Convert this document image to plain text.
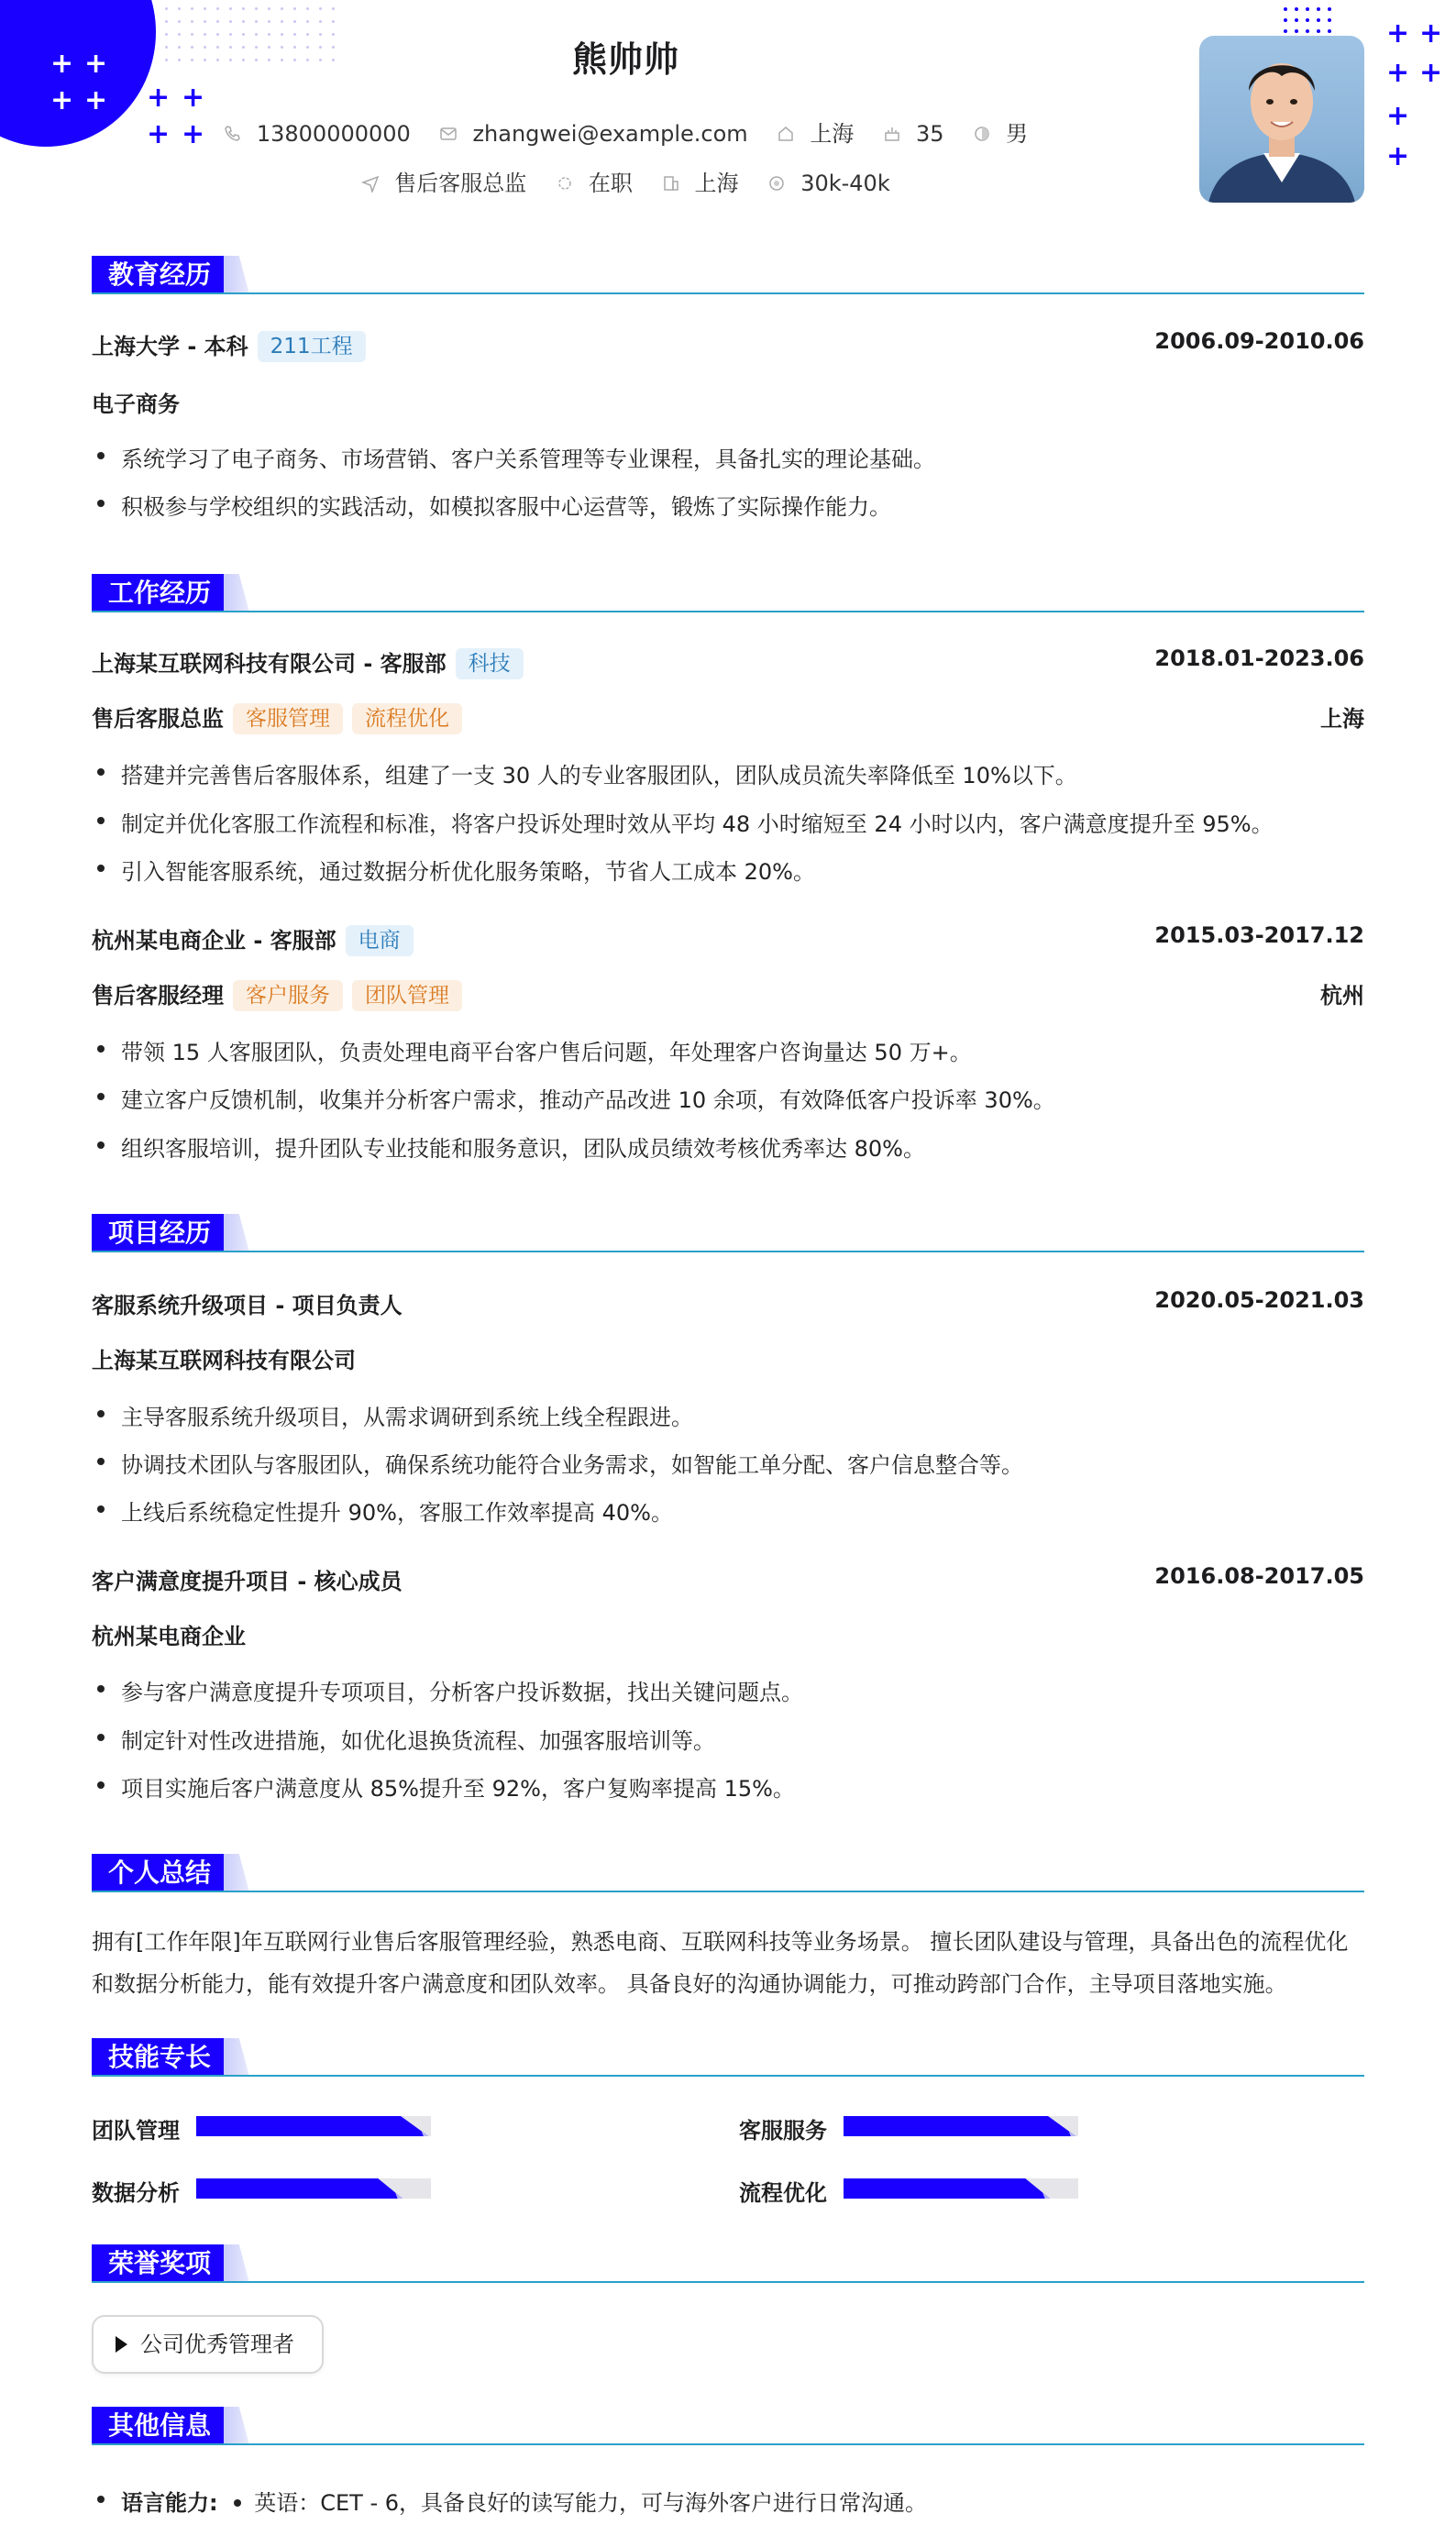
+ +
+ + + +
+ +
+ +
+ +
+
+
熊帅帅
13800000000	zhangwei@example.com	上海	35	男
售后客服总监	在职	上海	30k-40k
教育经历
上海大学 - 本科 211工程	2006.09-2010.06
电子商务
系统学习了电子商务、市场营销、客户关系管理等专业课程，具备扎实的理论基础。
积极参与学校组织的实践活动，如模拟客服中心运营等，锻炼了实际操作能力。
工作经历
上海某互联网科技有限公司 - 客服部 科技	2018.01-2023.06
售后客服总监 客服管理 流程优化	上海
搭建并完善售后客服体系，组建了一支 30 人的专业客服团队，团队成员流失率降低至 10%以下。
制定并优化客服工作流程和标准，将客户投诉处理时效从平均 48 小时缩短至 24 小时以内，客户满意度提升至 95%。
引入智能客服系统，通过数据分析优化服务策略，节省人工成本 20%。
杭州某电商企业 - 客服部 电商	2015.03-2017.12
售后客服经理 客户服务 团队管理	杭州
带领 15 人客服团队，负责处理电商平台客户售后问题，年处理客户咨询量达 50 万+。
建立客户反馈机制，收集并分析客户需求，推动产品改进 10 余项，有效降低客户投诉率 30%。
组织客服培训，提升团队专业技能和服务意识，团队成员绩效考核优秀率达 80%。
项目经历
客服系统升级项目 - 项目负责人	2020.05-2021.03
上海某互联网科技有限公司
主导客服系统升级项目，从需求调研到系统上线全程跟进。
协调技术团队与客服团队，确保系统功能符合业务需求，如智能工单分配、客户信息整合等。
上线后系统稳定性提升 90%，客服工作效率提高 40%。
客户满意度提升项目 - 核心成员	2016.08-2017.05
杭州某电商企业
参与客户满意度提升专项项目，分析客户投诉数据，找出关键问题点。
制定针对性改进措施，如优化退换货流程、加强客服培训等。
项目实施后客户满意度从 85%提升至 92%，客户复购率提高 15%。
个人总结
拥有[工作年限]年互联网行业售后客服管理经验，熟悉电商、互联网科技等业务场景。 擅长团队建设与管理，具备出色的流程优化
和数据分析能力，能有效提升客户满意度和团队效率。 具备良好的沟通协调能力，可推动跨部门合作，主导项目落地实施。
技能专长
团队管理	客服服务
数据分析	流程优化
荣誉奖项
公司优秀管理者
其他信息
语言能力: 英语：CET - 6，具备良好的读写能力，可与海外客户进行日常沟通。
